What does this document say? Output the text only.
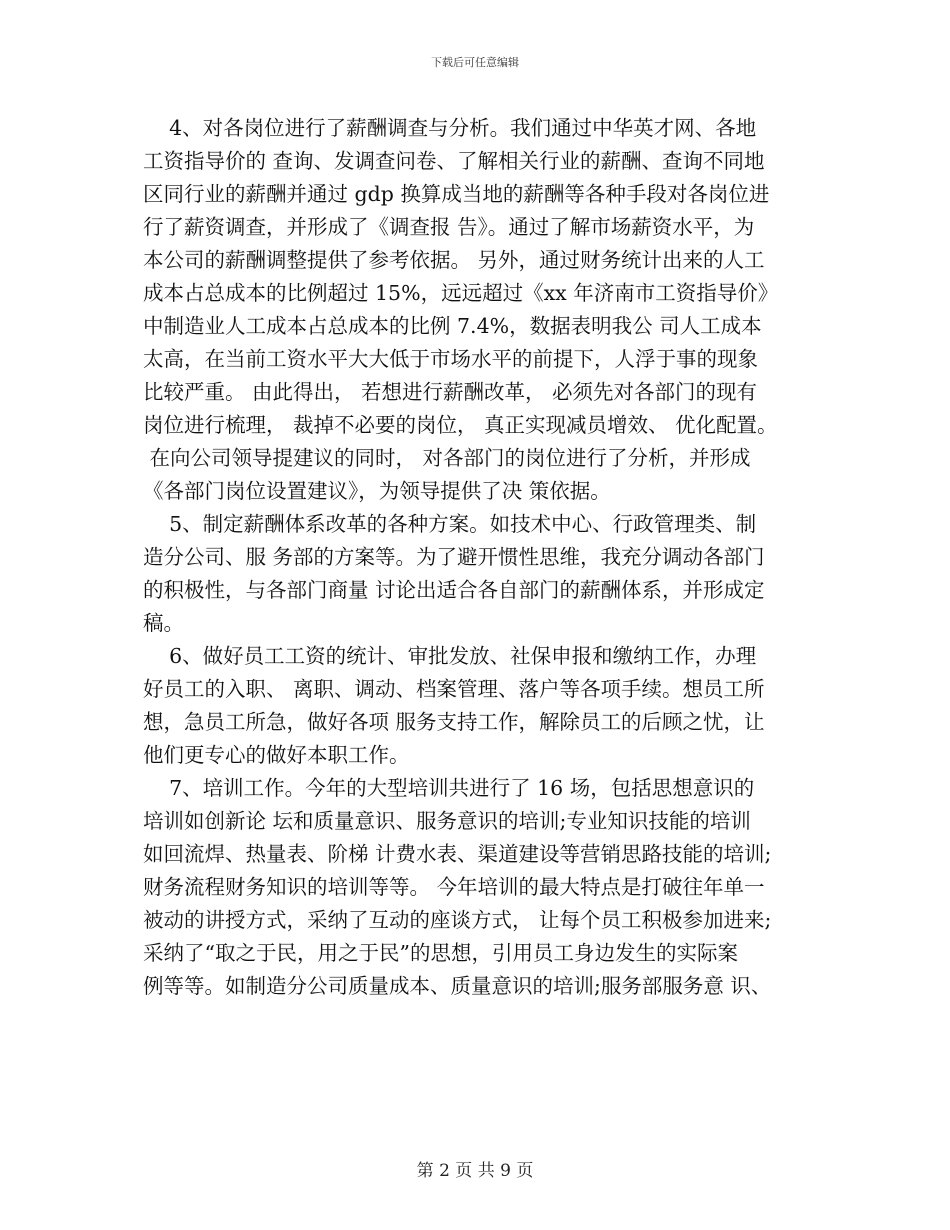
下载后可任意编辑

4、对各岗位进行了薪酬调查与分析。我们通过中华英才网、各地
工资指导价的 查询、发调查问卷、了解相关行业的薪酬、查询不同地
区同行业的薪酬并通过 gdp 换算成当地的薪酬等各种手段对各岗位进
行了薪资调查，并形成了《调查报 告》。通过了解市场薪资水平，为
本公司的薪酬调整提供了参考依据。 另外，通过财务统计出来的人工
成本占总成本的比例超过 15%，远远超过《xx 年济南市工资指导价》
中制造业人工成本占总成本的比例 7.4%，数据表明我公 司人工成本
太高，在当前工资水平大大低于市场水平的前提下，人浮于事的现象
比较严重。 由此得出， 若想进行薪酬改革， 必须先对各部门的现有
岗位进行梳理， 裁掉不必要的岗位， 真正实现减员增效、 优化配置。
在向公司领导提建议的同时， 对各部门的岗位进行了分析，并形成
《各部门岗位设置建议》，为领导提供了决 策依据。

5、制定薪酬体系改革的各种方案。如技术中心、行政管理类、制
造分公司、服 务部的方案等。为了避开惯性思维，我充分调动各部门
的积极性，与各部门商量 讨论出适合各自部门的薪酬体系，并形成定
稿。

6、做好员工工资的统计、审批发放、社保申报和缴纳工作，办理
好员工的入职、 离职、调动、档案管理、落户等各项手续。想员工所
想，急员工所急，做好各项 服务支持工作，解除员工的后顾之忧，让
他们更专心的做好本职工作。

7、培训工作。今年的大型培训共进行了 16 场，包括思想意识的
培训如创新论 坛和质量意识、服务意识的培训;专业知识技能的培训
如回流焊、热量表、阶梯 计费水表、渠道建设等营销思路技能的培训;
财务流程财务知识的培训等等。 今年培训的最大特点是打破往年单一
被动的讲授方式，采纳了互动的座谈方式， 让每个员工积极参加进来;
采纳了“取之于民，用之于民”的思想，引用员工身边发生的实际案
例等等。如制造分公司质量成本、质量意识的培训;服务部服务意 识、

第 2 页 共 9 页
